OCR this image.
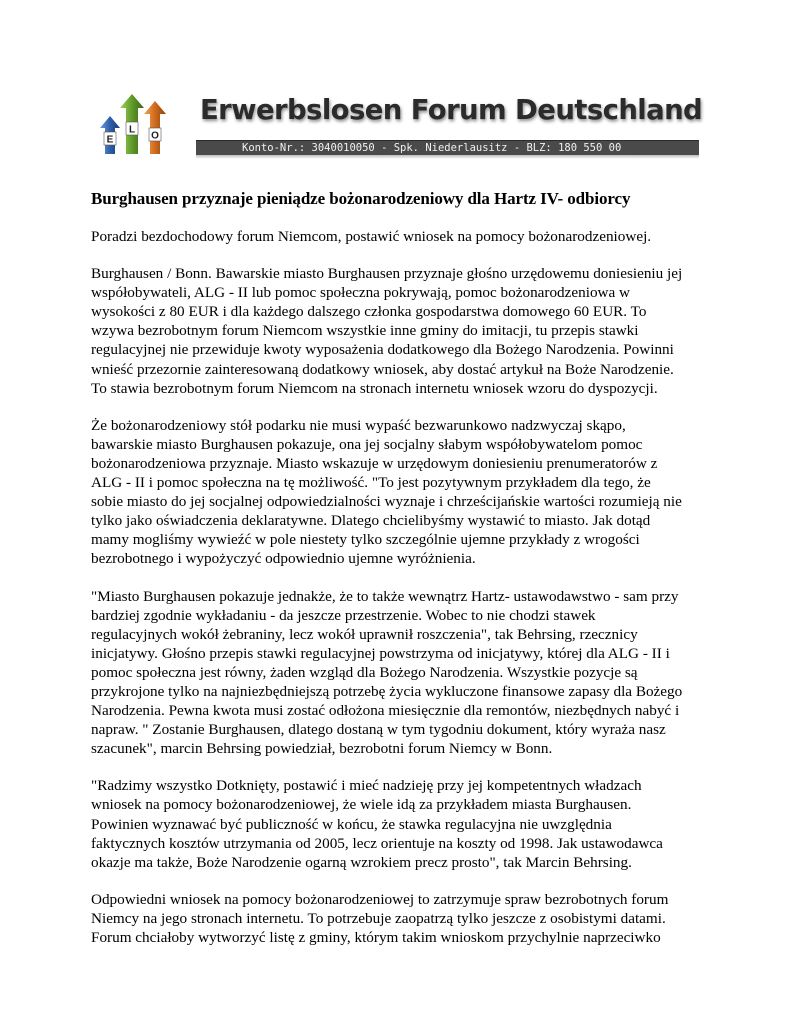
E
L
O
Erwerbslosen Forum Deutschland
Konto-Nr.: 3040010050 - Spk. Niederlausitz - BLZ: 180 550 00
Burghausen przyznaje pieniądze bożonarodzeniowy dla Hartz IV- odbiorcy
Poradzi bezdochodowy forum Niemcom, postawić wniosek na pomocy bożonarodzeniowej.
Burghausen / Bonn. Bawarskie miasto Burghausen przyznaje głośno urzędowemu doniesieniu jej
współobywateli, ALG - II lub pomoc społeczna pokrywają, pomoc bożonarodzeniowa w
wysokości z 80 EUR i dla każdego dalszego członka gospodarstwa domowego 60 EUR. To
wzywa bezrobotnym forum Niemcom wszystkie inne gminy do imitacji, tu przepis stawki
regulacyjnej nie przewiduje kwoty wyposażenia dodatkowego dla Bożego Narodzenia. Powinni
wnieść przezornie zainteresowaną dodatkowy wniosek, aby dostać artykuł na Boże Narodzenie.
To stawia bezrobotnym forum Niemcom na stronach internetu wniosek wzoru do dyspozycji.
Że bożonarodzeniowy stół podarku nie musi wypaść bezwarunkowo nadzwyczaj skąpo,
bawarskie miasto Burghausen pokazuje, ona jej socjalny słabym współobywatelom pomoc
bożonarodzeniowa przyznaje. Miasto wskazuje w urzędowym doniesieniu prenumeratorów z
ALG - II i pomoc społeczna na tę możliwość. "To jest pozytywnym przykładem dla tego, że
sobie miasto do jej socjalnej odpowiedzialności wyznaje i chrześcijańskie wartości rozumieją nie
tylko jako oświadczenia deklaratywne. Dlatego chcielibyśmy wystawić to miasto. Jak dotąd
mamy mogliśmy wywieźć w pole niestety tylko szczególnie ujemne przykłady z wrogości
bezrobotnego i wypożyczyć odpowiednio ujemne wyróżnienia.
"Miasto Burghausen pokazuje jednakże, że to także wewnątrz Hartz- ustawodawstwo - sam przy
bardziej zgodnie wykładaniu - da jeszcze przestrzenie. Wobec to nie chodzi stawek
regulacyjnych wokół żebraniny, lecz wokół uprawnił roszczenia", tak Behrsing, rzecznicy
inicjatywy. Głośno przepis stawki regulacyjnej powstrzyma od inicjatywy, której dla ALG - II i
pomoc społeczna jest równy, żaden wzgląd dla Bożego Narodzenia. Wszystkie pozycje są
przykrojone tylko na najniezbędniejszą potrzebę życia wykluczone finansowe zapasy dla Bożego
Narodzenia. Pewna kwota musi zostać odłożona miesięcznie dla remontów, niezbędnych nabyć i
napraw. " Zostanie Burghausen, dlatego dostaną w tym tygodniu dokument, który wyraża nasz
szacunek", marcin Behrsing powiedział, bezrobotni forum Niemcy w Bonn.
"Radzimy wszystko Dotknięty, postawić i mieć nadzieję przy jej kompetentnych władzach
wniosek na pomocy bożonarodzeniowej, że wiele idą za przykładem miasta Burghausen.
Powinien wyznawać być publiczność w końcu, że stawka regulacyjna nie uwzględnia
faktycznych kosztów utrzymania od 2005, lecz orientuje na koszty od 1998. Jak ustawodawca
okazje ma także, Boże Narodzenie ogarną wzrokiem precz prosto", tak Marcin Behrsing.
Odpowiedni wniosek na pomocy bożonarodzeniowej to zatrzymuje spraw bezrobotnych forum
Niemcy na jego stronach internetu. To potrzebuje zaopatrzą tylko jeszcze z osobistymi datami.
Forum chciałoby wytworzyć listę z gminy, którym takim wnioskom przychylnie naprzeciwko
